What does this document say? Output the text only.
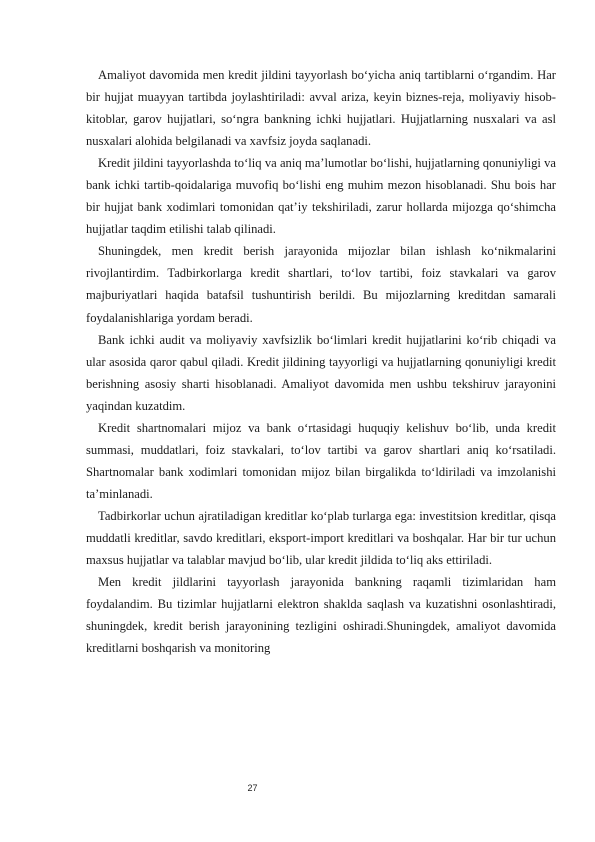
Amaliyot davomida men kredit jildini tayyorlash bo‘yicha aniq tartiblarni o‘rgandim. Har bir hujjat muayyan tartibda joylashtiriladi: avval ariza, keyin biznes-reja, moliyaviy hisob-kitoblar, garov hujjatlari, so‘ngra bankning ichki hujjatlari. Hujjatlarning nusxalari va asl nusxalari alohida belgilanadi va xavfsiz joyda saqlanadi.

Kredit jildini tayyorlashda to‘liq va aniq ma’lumotlar bo‘lishi, hujjatlarning qonuniyligi va bank ichki tartib-qoidalariga muvofiq bo‘lishi eng muhim mezon hisoblanadi. Shu bois har bir hujjat bank xodimlari tomonidan qat’iy tekshiriladi, zarur hollarda mijozga qo‘shimcha hujjatlar taqdim etilishi talab qilinadi.

Shuningdek, men kredit berish jarayonida mijozlar bilan ishlash ko‘nikmalarini rivojlantirdim. Tadbirkorlarga kredit shartlari, to‘lov tartibi, foiz stavkalari va garov majburiyatlari haqida batafsil tushuntirish berildi. Bu mijozlarning kreditdan samarali foydalanishlariga yordam beradi.

Bank ichki audit va moliyaviy xavfsizlik bo‘limlari kredit hujjatlarini ko‘rib chiqadi va ular asosida qaror qabul qiladi. Kredit jildining tayyorligi va hujjatlarning qonuniyligi kredit berishning asosiy sharti hisoblanadi. Amaliyot davomida men ushbu tekshiruv jarayonini yaqindan kuzatdim.

Kredit shartnomalari mijoz va bank o‘rtasidagi huquqiy kelishuv bo‘lib, unda kredit summasi, muddatlari, foiz stavkalari, to‘lov tartibi va garov shartlari aniq ko‘rsatiladi. Shartnomalar bank xodimlari tomonidan mijoz bilan birgalikda to‘ldiriladi va imzolanishi ta’minlanadi.

Tadbirkorlar uchun ajratiladigan kreditlar ko‘plab turlarga ega: investitsion kreditlar, qisqa muddatli kreditlar, savdo kreditlari, eksport-import kreditlari va boshqalar. Har bir tur uchun maxsus hujjatlar va talablar mavjud bo‘lib, ular kredit jildida to‘liq aks ettiriladi.

Men kredit jildlarini tayyorlash jarayonida bankning raqamli tizimlaridan ham foydalandim. Bu tizimlar hujjatlarni elektron shaklda saqlash va kuzatishni osonlashtiradi, shuningdek, kredit berish jarayonining tezligini oshiradi.Shuningdek, amaliyot davomida kreditlarni boshqarish va monitoring

27
